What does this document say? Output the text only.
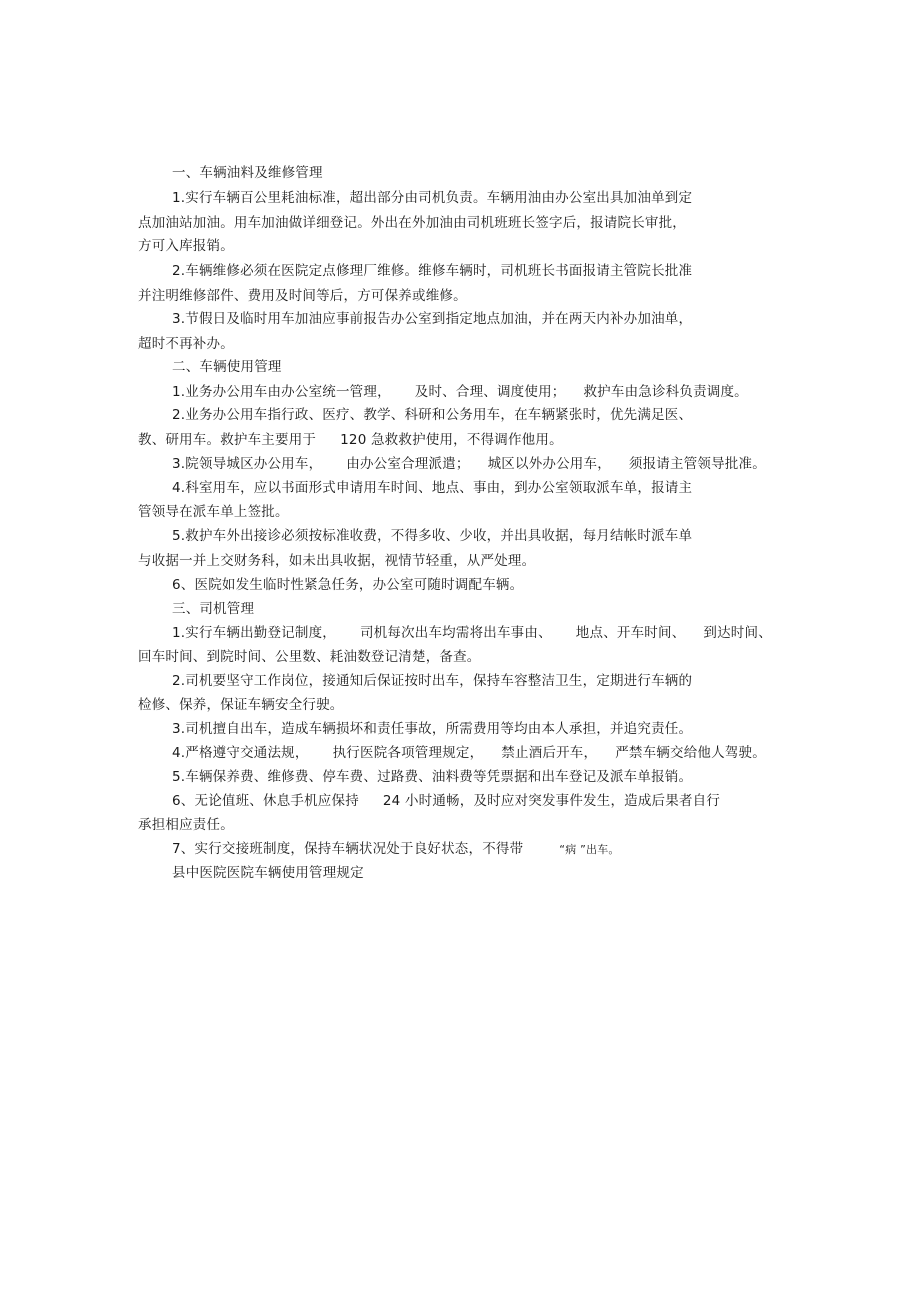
一、车辆油料及维修管理
1.实行车辆百公里耗油标准，超出部分由司机负责。车辆用油由办公室出具加油单到定
点加油站加油。用车加油做详细登记。外出在外加油由司机班班长签字后，报请院长审批，
方可入库报销。
2.车辆维修必须在医院定点修理厂维修。维修车辆时，司机班长书面报请主管院长批准
并注明维修部件、费用及时间等后，方可保养或维修。
3.节假日及临时用车加油应事前报告办公室到指定地点加油，并在两天内补办加油单，
超时不再补办。
二、车辆使用管理
1.业务办公用车由办公室统一管理， 及时、合理、调度使用； 救护车由急诊科负责调度。
2.业务办公用车指行政、医疗、教学、科研和公务用车，在车辆紧张时，优先满足医、
教、研用车。救护车主要用于 120 急救救护使用，不得调作他用。
3.院领导城区办公用车， 由办公室合理派遣； 城区以外办公用车， 须报请主管领导批准。
4.科室用车，应以书面形式申请用车时间、地点、事由，到办公室领取派车单，报请主
管领导在派车单上签批。
5.救护车外出接诊必须按标准收费，不得多收、少收，并出具收据，每月结帐时派车单
与收据一并上交财务科，如未出具收据，视情节轻重，从严处理。
6、医院如发生临时性紧急任务，办公室可随时调配车辆。
三、司机管理
1.实行车辆出勤登记制度， 司机每次出车均需将出车事由、 地点、开车时间、 到达时间、
回车时间、到院时间、公里数、耗油数登记清楚，备查。
2.司机要坚守工作岗位，接通知后保证按时出车，保持车容整洁卫生，定期进行车辆的
检修、保养，保证车辆安全行驶。
3.司机擅自出车，造成车辆损坏和责任事故，所需费用等均由本人承担，并追究责任。
4.严格遵守交通法规， 执行医院各项管理规定， 禁止酒后开车， 严禁车辆交给他人驾驶。
5.车辆保养费、维修费、停车费、过路费、油料费等凭票据和出车登记及派车单报销。
6、无论值班、休息手机应保持 24 小时通畅，及时应对突发事件发生，造成后果者自行
承担相应责任。
7、实行交接班制度，保持车辆状况处于良好状态，不得带	“病 ”出车。
县中医院医院车辆使用管理规定
